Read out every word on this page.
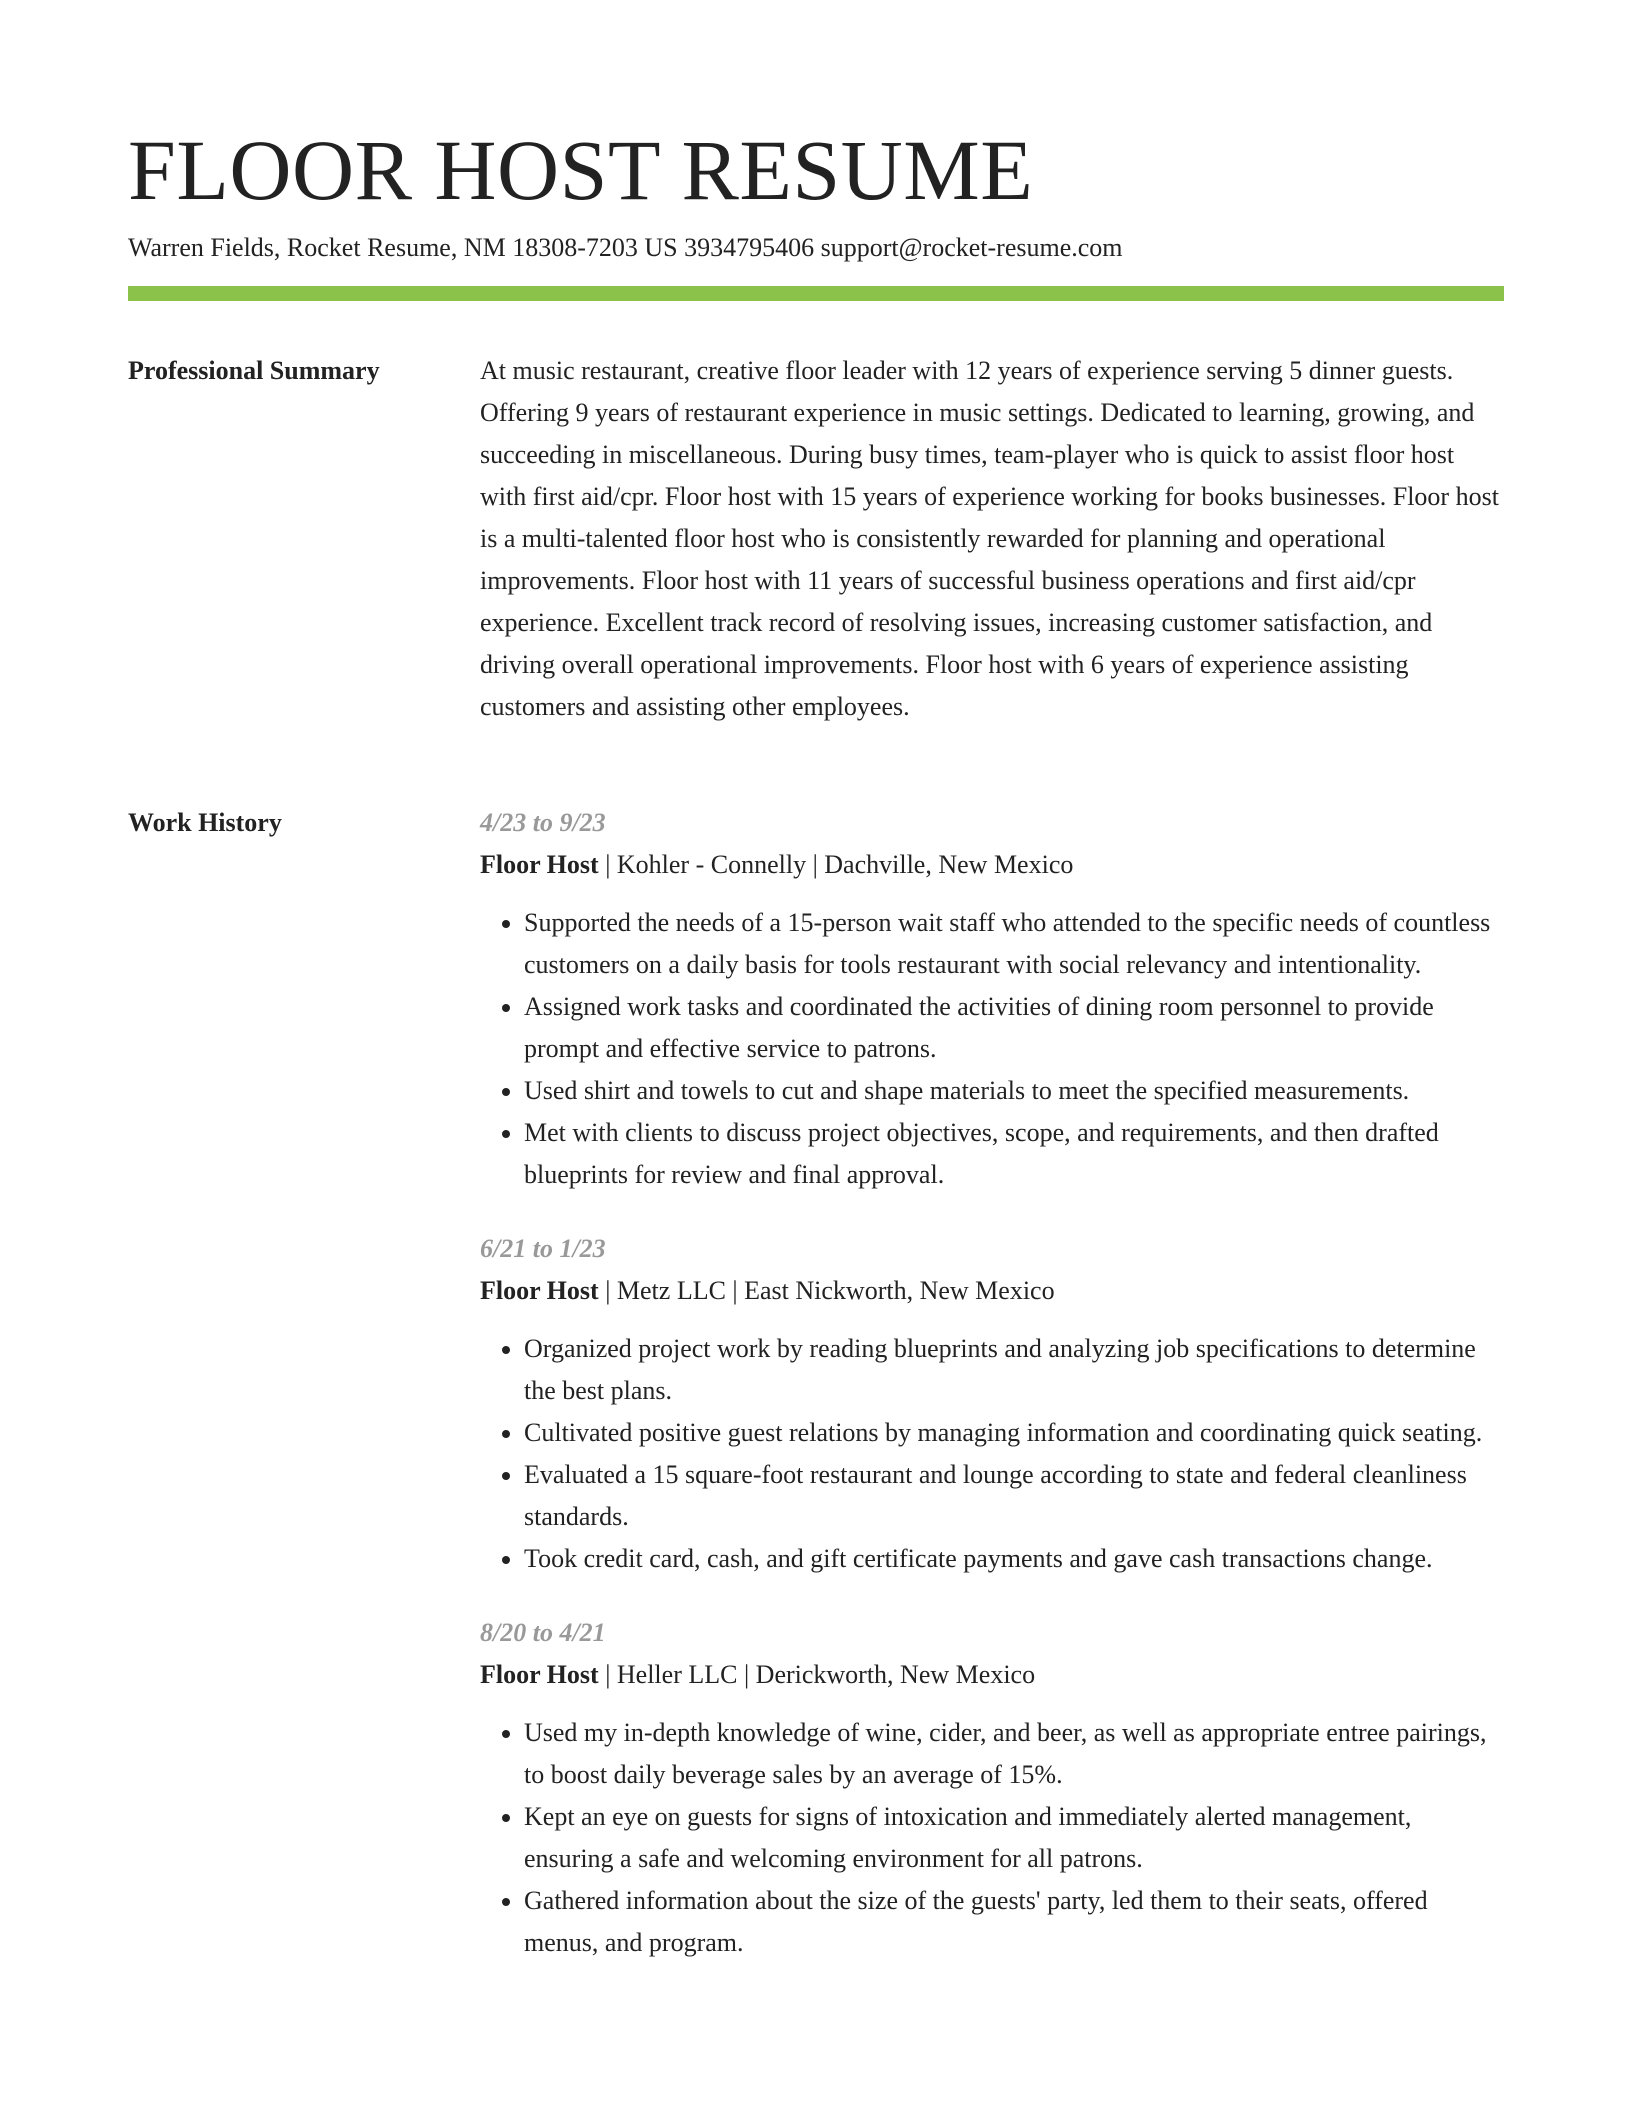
FLOOR HOST RESUME
Warren Fields, Rocket Resume, NM 18308-7203 US 3934795406 support@rocket-resume.com
Professional Summary	At music restaurant, creative floor leader with 12 years of experience serving 5 dinner guests. Offering 9 years of restaurant experience in music settings. Dedicated to learning, growing, and succeeding in miscellaneous. During busy times, team-player who is quick to assist floor host with first aid/cpr. Floor host with 15 years of experience working for books businesses. Floor host is a multi-talented floor host who is consistently rewarded for planning and operational improvements. Floor host with 11 years of successful business operations and first aid/cpr experience. Excellent track record of resolving issues, increasing customer satisfaction, and driving overall operational improvements. Floor host with 6 years of experience assisting customers and assisting other employees.

Work History	4/23 to 9/23
Floor Host | Kohler - Connelly | Dachville, New Mexico
• Supported the needs of a 15-person wait staff who attended to the specific needs of countless customers on a daily basis for tools restaurant with social relevancy and intentionality.
• Assigned work tasks and coordinated the activities of dining room personnel to provide prompt and effective service to patrons.
• Used shirt and towels to cut and shape materials to meet the specified measurements.
• Met with clients to discuss project objectives, scope, and requirements, and then drafted blueprints for review and final approval.
6/21 to 1/23
Floor Host | Metz LLC | East Nickworth, New Mexico
• Organized project work by reading blueprints and analyzing job specifications to determine the best plans.
• Cultivated positive guest relations by managing information and coordinating quick seating.
• Evaluated a 15 square-foot restaurant and lounge according to state and federal cleanliness standards.
• Took credit card, cash, and gift certificate payments and gave cash transactions change.
8/20 to 4/21
Floor Host | Heller LLC | Derickworth, New Mexico
• Used my in-depth knowledge of wine, cider, and beer, as well as appropriate entree pairings, to boost daily beverage sales by an average of 15%.
• Kept an eye on guests for signs of intoxication and immediately alerted management, ensuring a safe and welcoming environment for all patrons.
• Gathered information about the size of the guests' party, led them to their seats, offered menus, and program.
